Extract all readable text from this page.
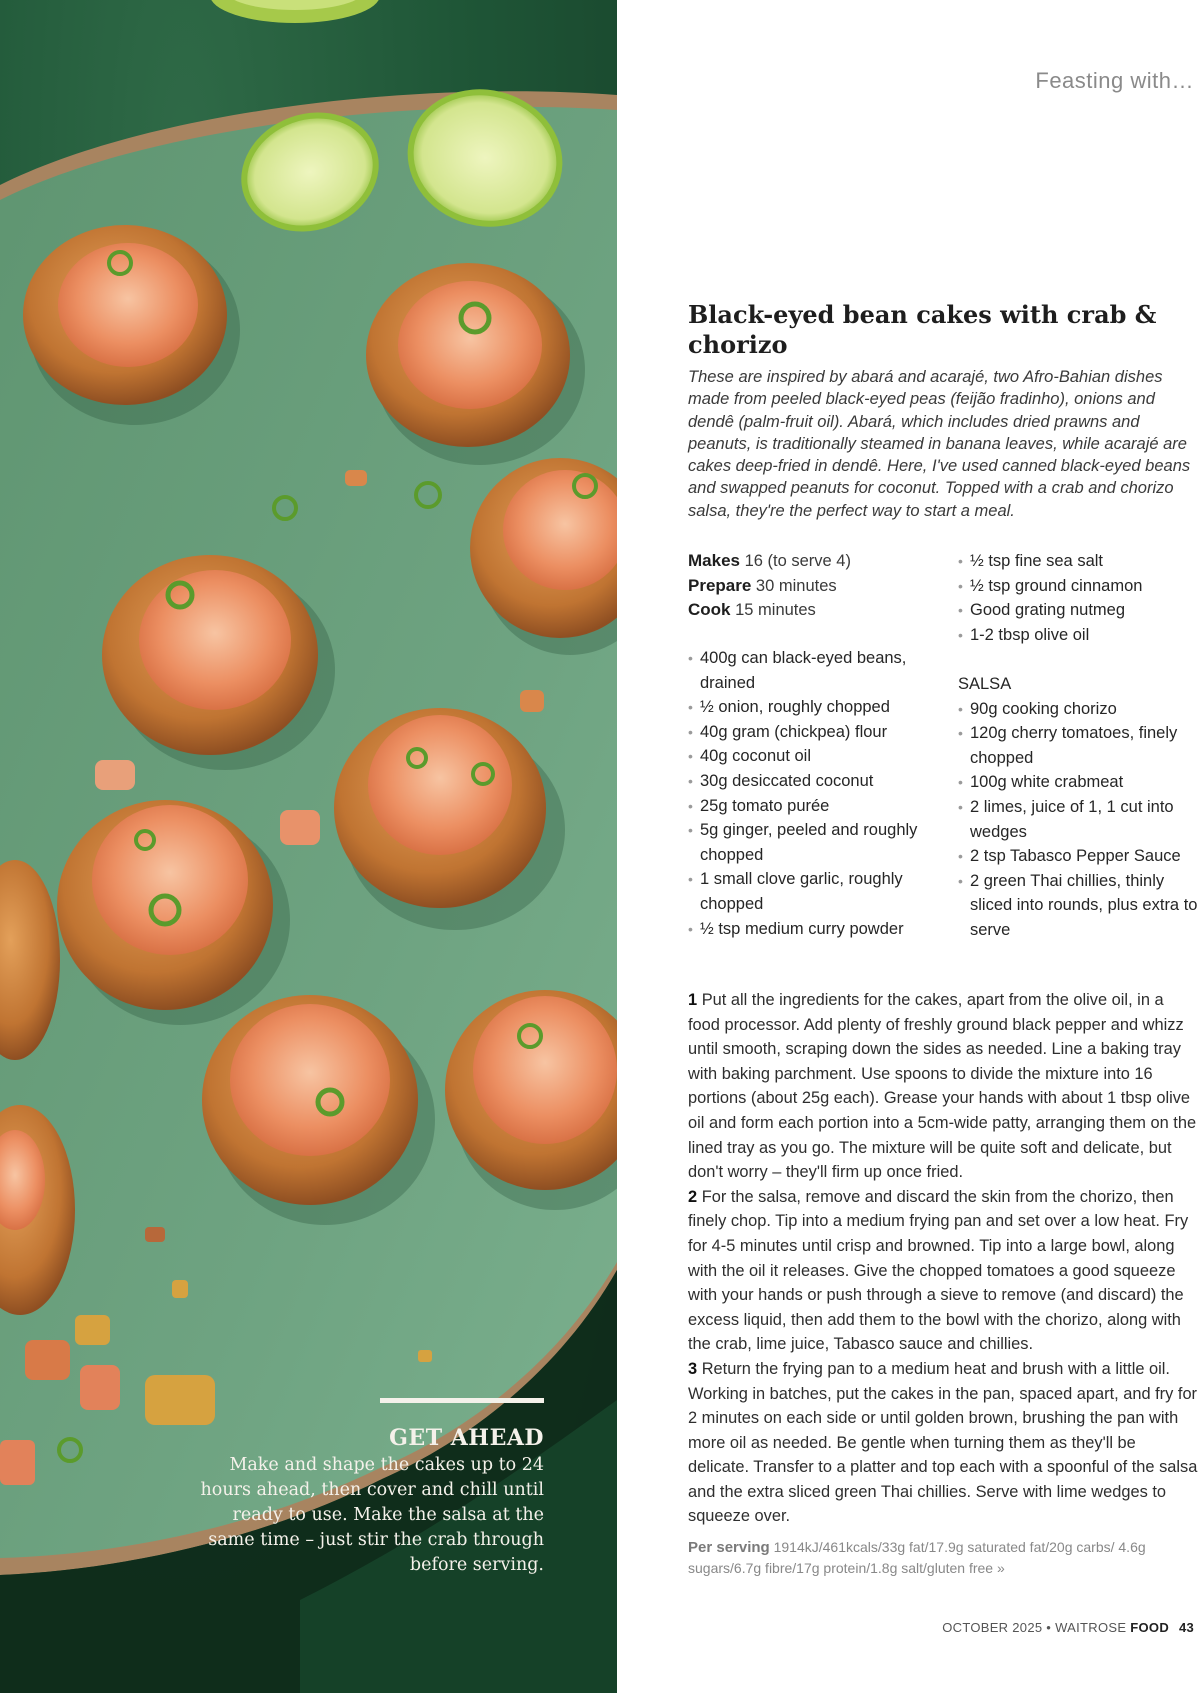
GET AHEAD

Make and shape the cakes up to 24 hours ahead, then cover and chill until ready to use. Make the salsa at the same time – just stir the crab through before serving.

Feasting with…
Black-eyed bean cakes with crab & chorizo

These are inspired by abará and acarajé, two Afro-Bahian dishes made from peeled black-eyed peas (feijão fradinho), onions and dendê (palm-fruit oil). Abará, which includes dried prawns and peanuts, is traditionally steamed in banana leaves, while acarajé are cakes deep-fried in dendê. Here, I've used canned black-eyed beans and swapped peanuts for coconut. Topped with a crab and chorizo salsa, they're the perfect way to start a meal.

Makes 16 (to serve 4)
Prepare 30 minutes
Cook 15 minutes
• 400g can black-eyed beans, drained
• ½ onion, roughly chopped
• 40g gram (chickpea) flour
• 40g coconut oil
• 30g desiccated coconut
• 25g tomato purée
• 5g ginger, peeled and roughly chopped
• 1 small clove garlic, roughly chopped
• ½ tsp medium curry powder
• ½ tsp fine sea salt
• ½ tsp ground cinnamon
• Good grating nutmeg
• 1-2 tbsp olive oil
SALSA
• 90g cooking chorizo
• 120g cherry tomatoes, finely chopped
• 100g white crabmeat
• 2 limes, juice of 1, 1 cut into wedges
• 2 tsp Tabasco Pepper Sauce
• 2 green Thai chillies, thinly sliced into rounds, plus extra to serve
1 Put all the ingredients for the cakes, apart from the olive oil, in a food processor. Add plenty of freshly ground black pepper and whizz until smooth, scraping down the sides as needed. Line a baking tray with baking parchment. Use spoons to divide the mixture into 16 portions (about 25g each). Grease your hands with about 1 tbsp olive oil and form each portion into a 5cm-wide patty, arranging them on the lined tray as you go. The mixture will be quite soft and delicate, but don't worry – they'll firm up once fried.
2 For the salsa, remove and discard the skin from the chorizo, then finely chop. Tip into a medium frying pan and set over a low heat. Fry for 4-5 minutes until crisp and browned. Tip into a large bowl, along with the oil it releases. Give the chopped tomatoes a good squeeze with your hands or push through a sieve to remove (and discard) the excess liquid, then add them to the bowl with the chorizo, along with the crab, lime juice, Tabasco sauce and chillies.
3 Return the frying pan to a medium heat and brush with a little oil. Working in batches, put the cakes in the pan, spaced apart, and fry for 2 minutes on each side or until golden brown, brushing the pan with more oil as needed. Be gentle when turning them as they'll be delicate. Transfer to a platter and top each with a spoonful of the salsa and the extra sliced green Thai chillies. Serve with lime wedges to squeeze over.

Per serving 1914kJ/461kcals/33g fat/17.9g saturated fat/20g carbs/ 4.6g sugars/6.7g fibre/17g protein/1.8g salt/gluten free »

OCTOBER 2025 • WAITROSE FOOD 43
